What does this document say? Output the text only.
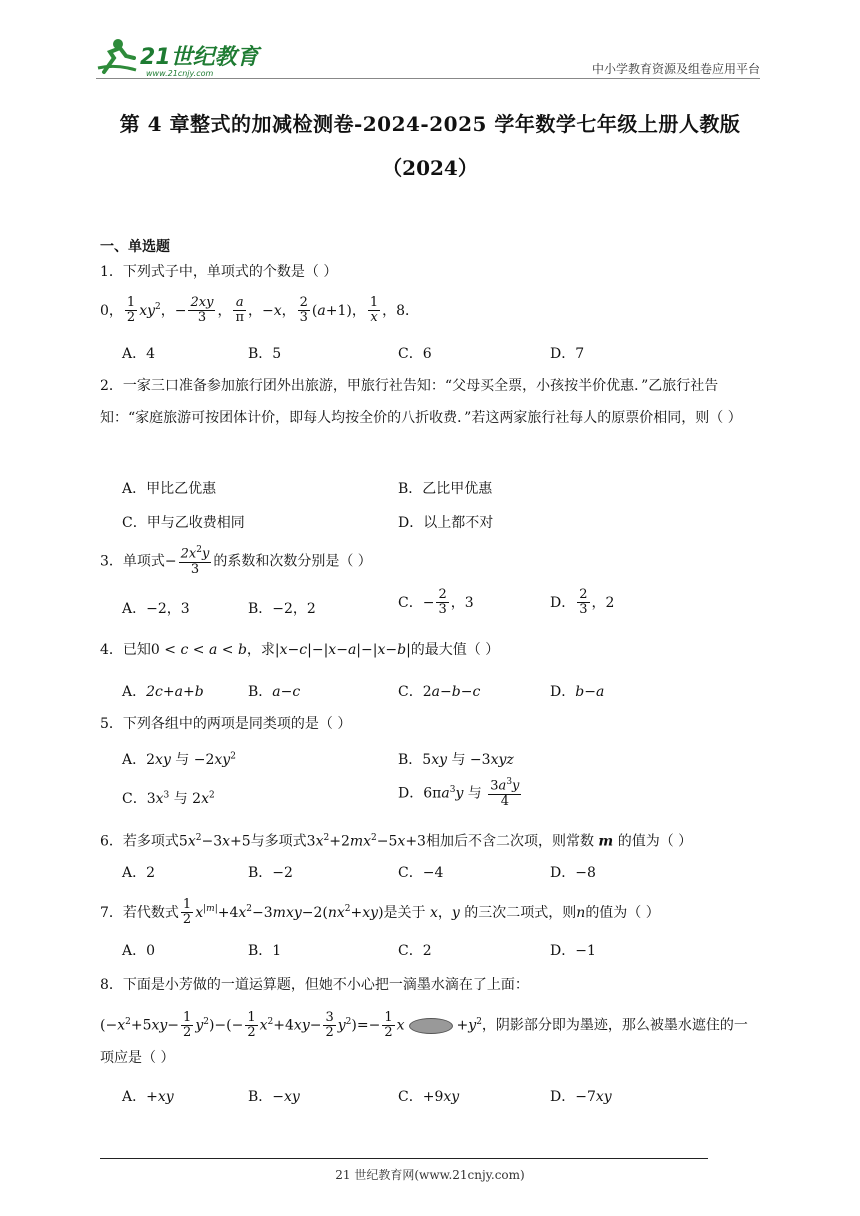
21世纪教育
www.21cnjy.com	中小学教育资源及组卷应用平台
第 4 章整式的加减检测卷-2024-2025 学年数学七年级上册人教版
（2024）
一、单选题
1．下列式子中，单项式的个数是（ ）
0， $\frac{1}{2} xy^2$，− $\frac{2xy}{3}$ ， $\frac{a}{\pi}$ ，−x， $\frac{2}{3} (a+1)$， $\frac{1}{x}$ ，8．
A．4	B．5	C．6	D．7
2．一家三口准备参加旅行团外出旅游，甲旅行社告知：“父母买全票，小孩按半价优惠．”乙旅行社告知：“家庭旅游可按团体计价，即每人均按全价的八折收费．”若这两家旅行社每人的原票价相同，则（ ）
A．甲比乙优惠	B．乙比甲优惠
C．甲与乙收费相同	D．以上都不对
3．单项式− $\frac{2x^2y}{3}$ 的系数和次数分别是（ ）
A．−2，3	B．−2，2	C．− $\frac{2}{3}$ ，3	D． $\frac{2}{3}$ ，2
4．已知0 < c < a < b，求|x−c|−|x−a|−|x−b|的最大值（ ）
A．2c+a+b	B．a−c	C．2a−b−c	D．b−a
5．下列各组中的两项是同类项的是（ ）
A．2xy 与 $-2xy^2$	B．5xy 与 −3xyz
C．$3x^3$ 与 $2x^2$	D．$6\pi a^3y$ 与 $\frac{3a^3y}{4}$
6．若多项式$5x^2-3x+5$与多项式$3x^2+2mx^2-5x+3$相加后不含二次项，则常数 m 的值为（ ）
A．2	B．−2	C．−4	D．−8
7．若代数式 $\frac{1}{2} x^{|m|}+4x^2-3mxy-2(nx^2+xy)$是关于 x，y 的三次二项式，则n的值为（ ）
A．0	B．1	C．2	D．−1
8．下面是小芳做的一道运算题，但她不小心把一滴墨水滴在了上面：
$(-x^2+5xy- \frac{1}{2} y^2)-(- \frac{1}{2} x^2+4xy- \frac{3}{2} y^2)=- \frac{1}{2}$ x	$+y^2$，阴影部分即为墨迹，那么被墨水遮住的一项应是（ ）
A．+xy	B．−xy	C．+9xy	D．−7xy
21 世纪教育网(www.21cnjy.com)
